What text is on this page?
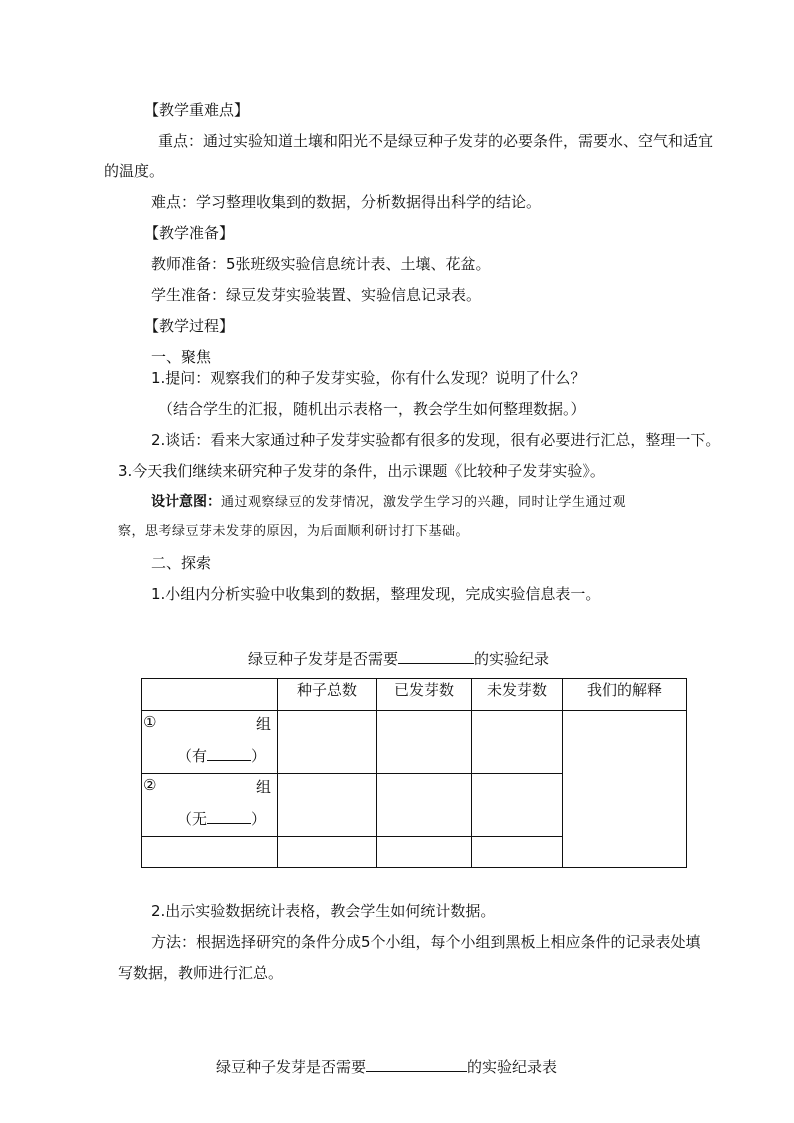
【教学重难点】
重点：通过实验知道土壤和阳光不是绿豆种子发芽的必要条件，需要水、空气和适宜
的温度。
难点：学习整理收集到的数据，分析数据得出科学的结论。
【教学准备】
教师准备：5张班级实验信息统计表、土壤、花盆。
学生准备：绿豆发芽实验装置、实验信息记录表。
【教学过程】
一、聚焦
1.提问：观察我们的种子发芽实验，你有什么发现？说明了什么？
（结合学生的汇报，随机出示表格一，教会学生如何整理数据。）
2.谈话：看来大家通过种子发芽实验都有很多的发现，很有必要进行汇总，整理一下。
3.今天我们继续来研究种子发芽的条件，出示课题《比较种子发芽实验》。
设计意图：通过观察绿豆的发芽情况，激发学生学习的兴趣，同时让学生通过观
察，思考绿豆芽未发芽的原因，为后面顺利研讨打下基础。
二、探索
1.小组内分析实验中收集到的数据，整理发现，完成实验信息表一。
绿豆种子发芽是否需要	的实验纪录
	种子总数	已发芽数	未发芽数	我们的解释

① 组
（有 ）				

② 组
（无 ）				

2.出示实验数据统计表格，教会学生如何统计数据。
方法：根据选择研究的条件分成5个小组，每个小组到黑板上相应条件的记录表处填
写数据，教师进行汇总。
绿豆种子发芽是否需要	的实验纪录表
